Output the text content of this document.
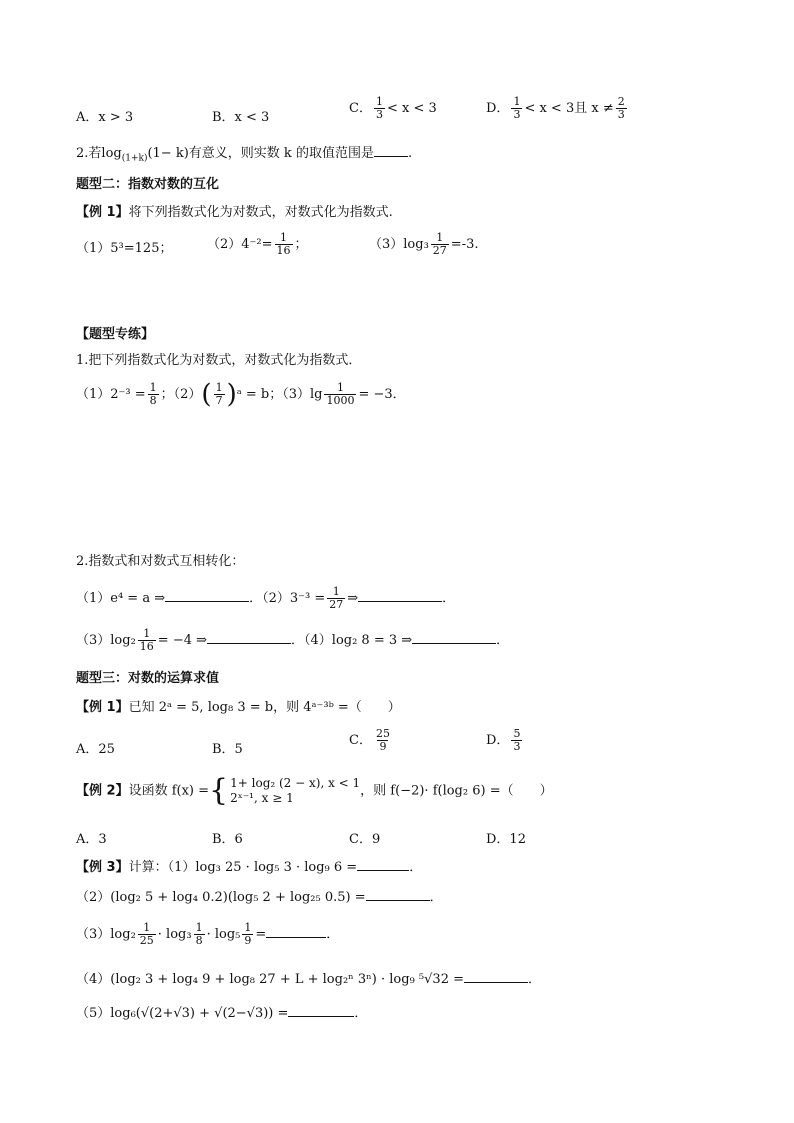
A．x > 3	B．x < 3
C． $\frac{1}{3} < x < 3$	D． $\frac{1}{3} < x < 3$且 $x \ne \frac{2}{3}$
2.若$\log_{(1+k)}(1- k)$有意义，则实数 k 的取值范围是	.
题型二：指数对数的互化
【例 1】将下列指数式化为对数式，对数式化为指数式.
（1）5³=125；	$(2)4^{-2}= \frac{1}{16}$ ；	$(3)\log_3 \frac{1}{27} =-3$.
【题型专练】
1.把下列指数式化为对数式，对数式化为指数式．
$(1)2^{-3} = \frac{1}{8}$ ；$(2)( \frac{1}{7}$ )ᵃ = b；$(3)\lg \frac{1}{1000} = -3$．
2.指数式和对数式互相转化：
（1）e⁴ = a ⇒	．$(2)3^{-3} = \frac{1}{27}$ ⇒	．
$(3)\log_2 \frac{1}{16} = -4$ ⇒	．（4）log₂ 8 = 3 ⇒	．
题型三：对数的运算求值
【例 1】已知 2ᵃ = 5, log₈ 3 = b，则 4ᵃ⁻³ᵇ =（　　）
A．25	B．5
C． $\frac{25}{9}$	D． $\frac{5}{3}$
【例 2】设函数 f(x) ={ 1+ log₂ (2 − x), x < 1
2ˣ⁻¹, x ≥ 1	，则 f(−2)· f(log₂ 6) =（　　）
A．3	B．6	C．9	D．12
【例 3】计算：（1）log₃ 25 · log₅ 3 · log₉ 6 =	．
（2）(log₂ 5 + log₄ 0.2)(log₅ 2 + log₂₅ 0.5) =	．
$(3)\log_2 \frac{1}{25} \cdot \log_3 \frac{1}{8} \cdot \log_5 \frac{1}{9}$ =	．
（4）(log₂ 3 + log₄ 9 + log₈ 27 + L + log₂ⁿ 3ⁿ) · log₉ ⁵√32 =	．
（5）log₆(√(2+√3) + √(2−√3)) =	．
